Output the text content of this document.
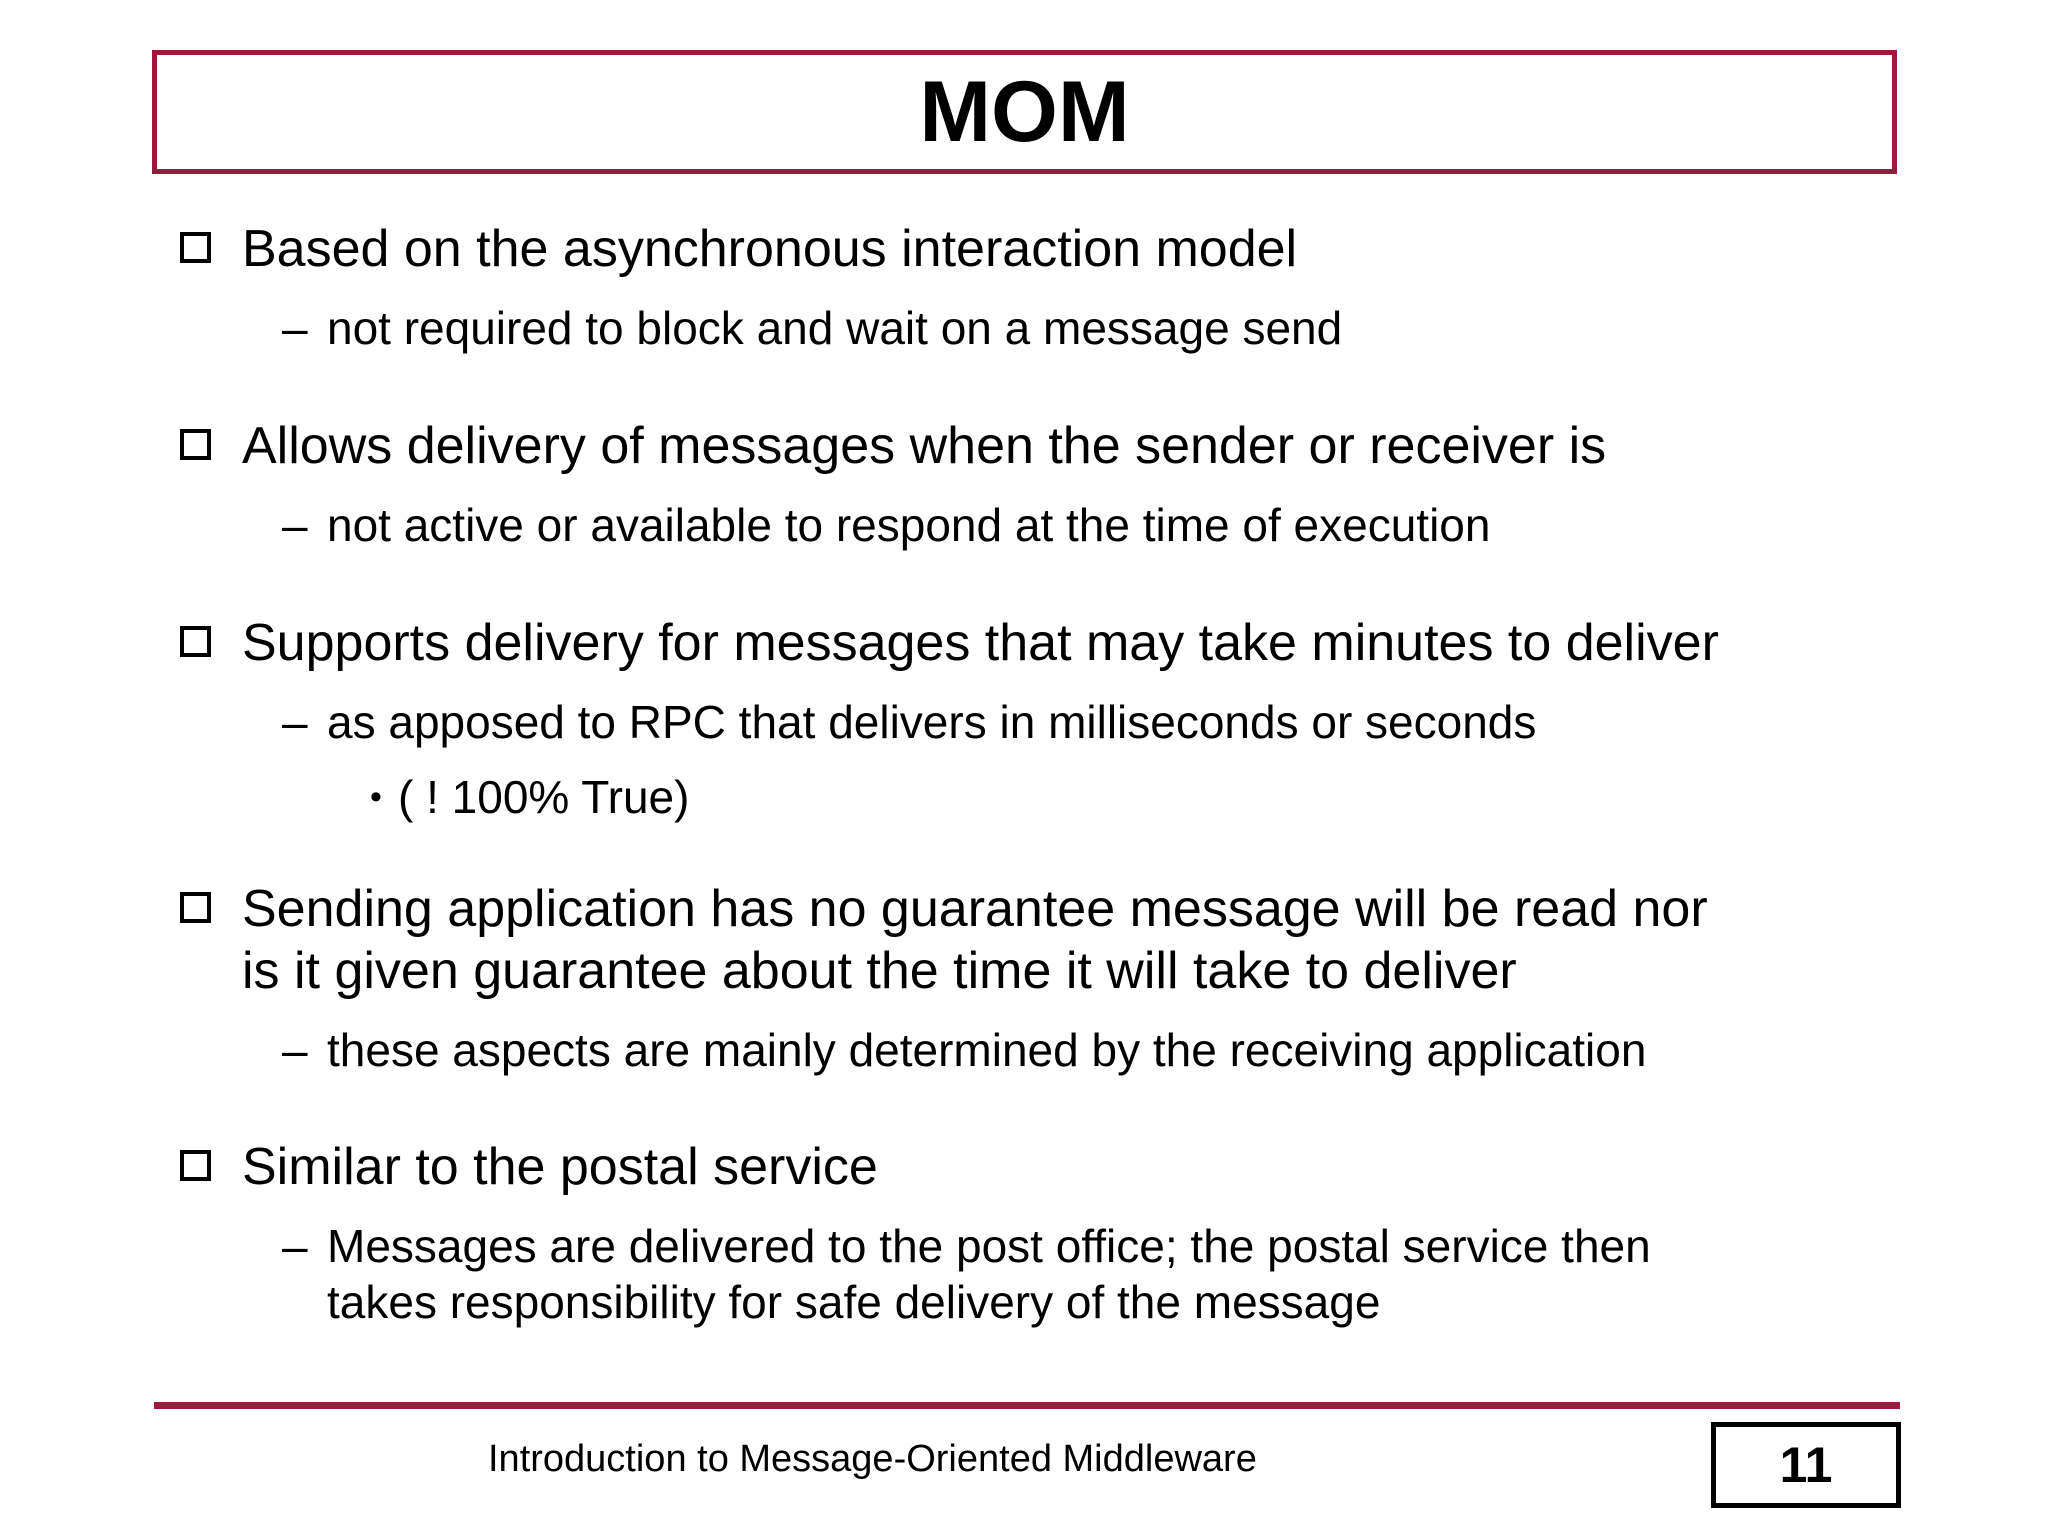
MOM
Based on the asynchronous interaction model
– not required to block and wait on a message send
Allows delivery of messages when the sender or receiver is
– not active or available to respond at the time of execution
Supports delivery for messages that may take minutes to deliver
– as apposed to RPC that delivers in milliseconds or seconds
• ( ! 100% True)
Sending application has no guarantee message will be read nor
is it given guarantee about the time it will take to deliver
– these aspects are mainly determined by the receiving application
Similar to the postal service
– Messages are delivered to the post office; the postal service then
takes responsibility for safe delivery of the message
Introduction to Message-Oriented Middleware	11
